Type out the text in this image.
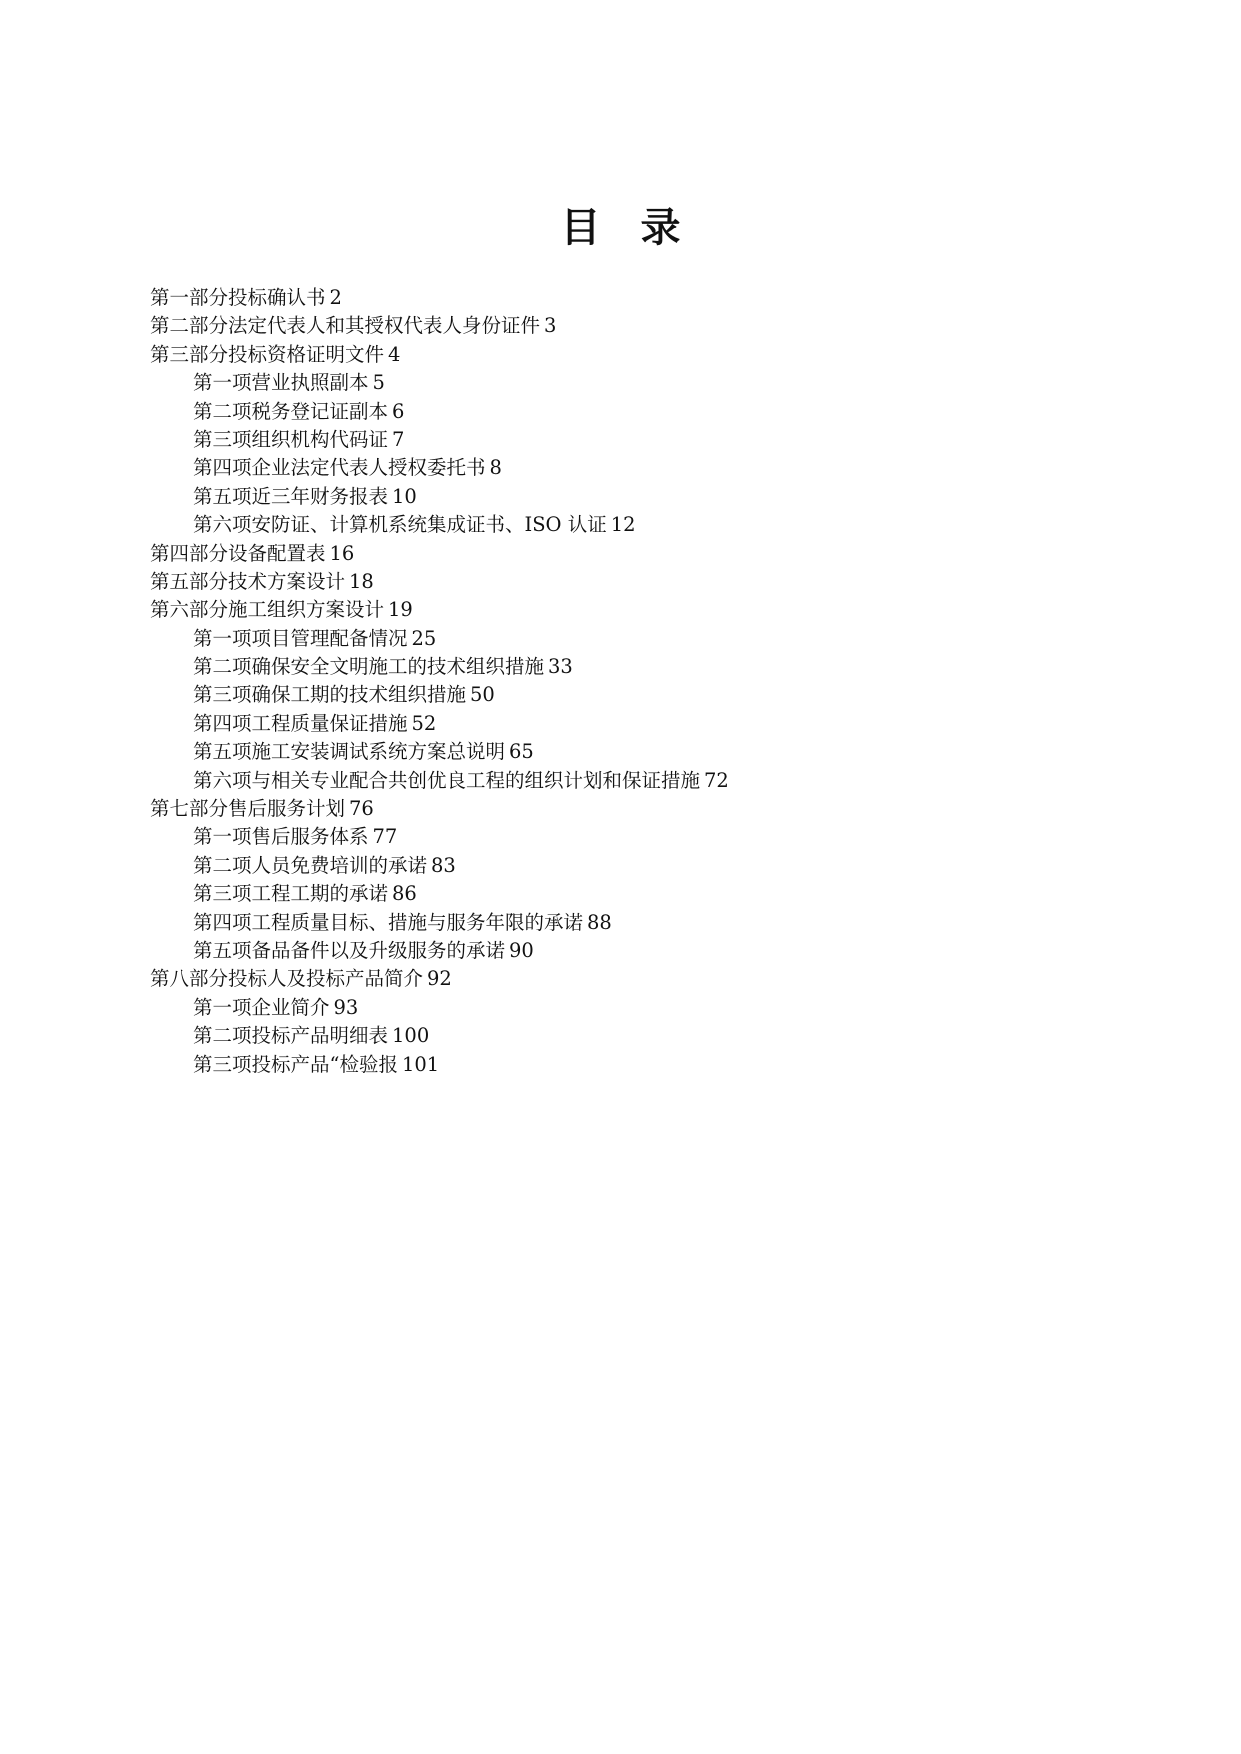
目　录
第一部分投标确认书 2
第二部分法定代表人和其授权代表人身份证件 3
第三部分投标资格证明文件 4
第一项营业执照副本 5
第二项税务登记证副本 6
第三项组织机构代码证 7
第四项企业法定代表人授权委托书 8
第五项近三年财务报表 10
第六项安防证、计算机系统集成证书、ISO 认证 12
第四部分设备配置表 16
第五部分技术方案设计 18
第六部分施工组织方案设计 19
第一项项目管理配备情况 25
第二项确保安全文明施工的技术组织措施 33
第三项确保工期的技术组织措施 50
第四项工程质量保证措施 52
第五项施工安装调试系统方案总说明 65
第六项与相关专业配合共创优良工程的组织计划和保证措施 72
第七部分售后服务计划 76
第一项售后服务体系 77
第二项人员免费培训的承诺 83
第三项工程工期的承诺 86
第四项工程质量目标、措施与服务年限的承诺 88
第五项备品备件以及升级服务的承诺 90
第八部分投标人及投标产品简介 92
第一项企业简介 93
第二项投标产品明细表 100
第三项投标产品“检验报 101
